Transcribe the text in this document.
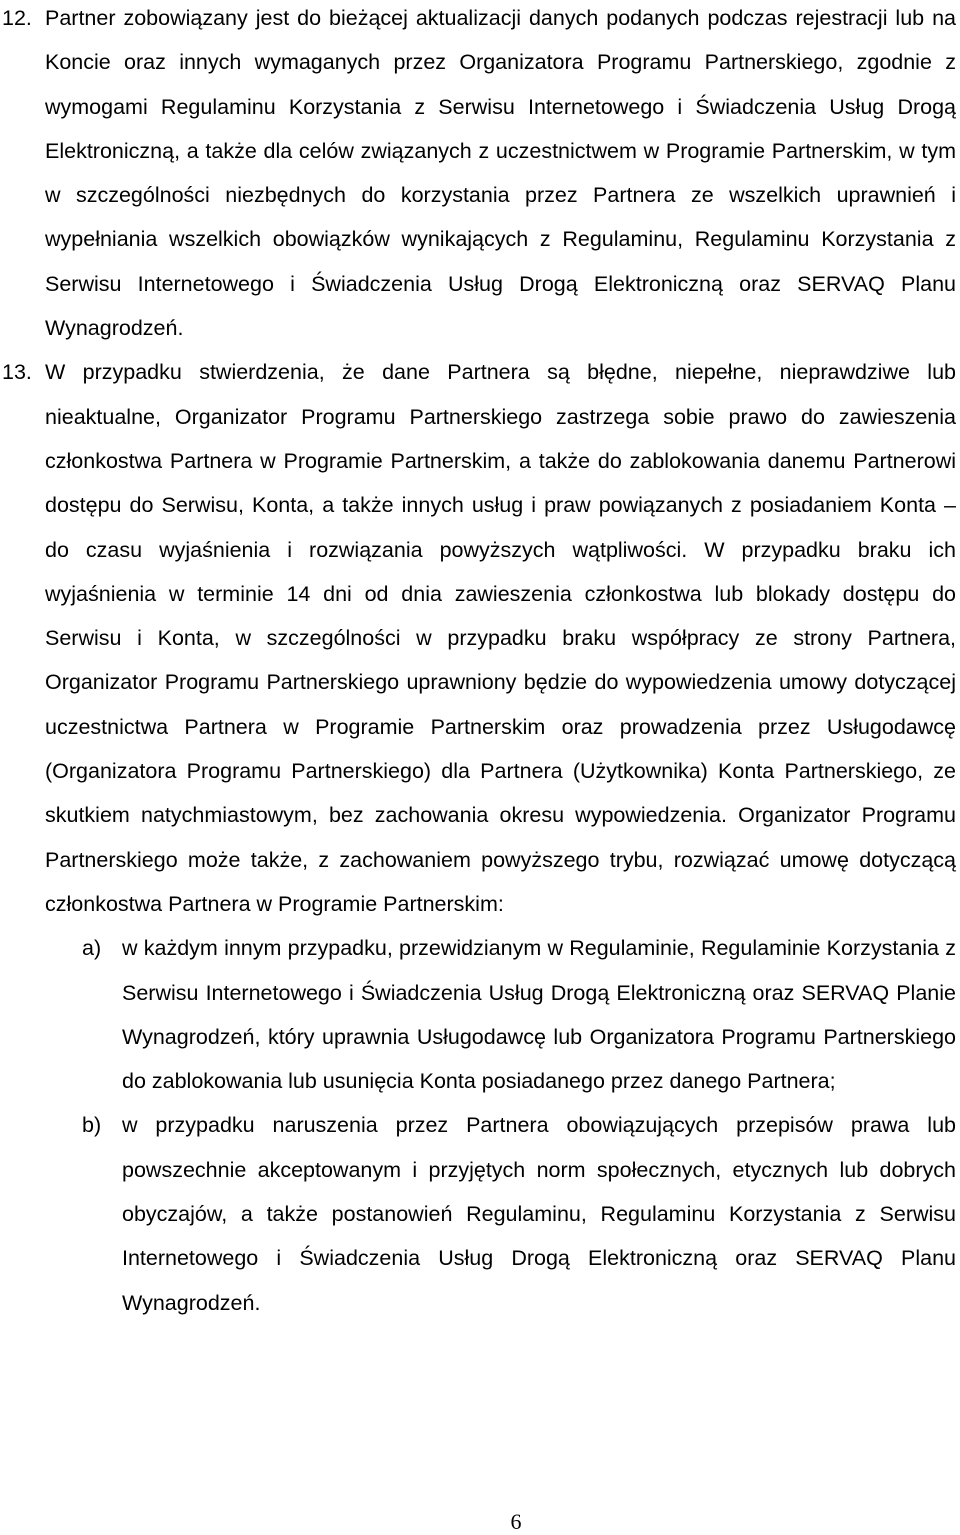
12. Partner zobowiązany jest do bieżącej aktualizacji danych podanych podczas rejestracji lub na Koncie oraz innych wymaganych przez Organizatora Programu Partnerskiego, zgodnie z wymogami Regulaminu Korzystania z Serwisu Internetowego i Świadczenia Usług Drogą Elektroniczną, a także dla celów związanych z uczestnictwem w Programie Partnerskim, w tym w szczególności niezbędnych do korzystania przez Partnera ze wszelkich uprawnień i wypełniania wszelkich obowiązków wynikających z Regulaminu, Regulaminu Korzystania z Serwisu Internetowego i Świadczenia Usług Drogą Elektroniczną oraz SERVAQ Planu Wynagrodzeń.
13. W przypadku stwierdzenia, że dane Partnera są błędne, niepełne, nieprawdziwe lub nieaktualne, Organizator Programu Partnerskiego zastrzega sobie prawo do zawieszenia członkostwa Partnera w Programie Partnerskim, a także do zablokowania danemu Partnerowi dostępu do Serwisu, Konta, a także innych usług i praw powiązanych z posiadaniem Konta – do czasu wyjaśnienia i rozwiązania powyższych wątpliwości. W przypadku braku ich wyjaśnienia w terminie 14 dni od dnia zawieszenia członkostwa lub blokady dostępu do Serwisu i Konta, w szczególności w przypadku braku współpracy ze strony Partnera, Organizator Programu Partnerskiego uprawniony będzie do wypowiedzenia umowy dotyczącej uczestnictwa Partnera w Programie Partnerskim oraz prowadzenia przez Usługodawcę (Organizatora Programu Partnerskiego) dla Partnera (Użytkownika) Konta Partnerskiego, ze skutkiem natychmiastowym, bez zachowania okresu wypowiedzenia. Organizator Programu Partnerskiego może także, z zachowaniem powyższego trybu, rozwiązać umowę dotyczącą członkostwa Partnera w Programie Partnerskim:
a) w każdym innym przypadku, przewidzianym w Regulaminie, Regulaminie Korzystania z Serwisu Internetowego i Świadczenia Usług Drogą Elektroniczną oraz SERVAQ Planie Wynagrodzeń, który uprawnia Usługodawcę lub Organizatora Programu Partnerskiego do zablokowania lub usunięcia Konta posiadanego przez danego Partnera;
b) w przypadku naruszenia przez Partnera obowiązujących przepisów prawa lub powszechnie akceptowanym i przyjętych norm społecznych, etycznych lub dobrych obyczajów, a także postanowień Regulaminu, Regulaminu Korzystania z Serwisu Internetowego i Świadczenia Usług Drogą Elektroniczną oraz SERVAQ Planu Wynagrodzeń.
6
